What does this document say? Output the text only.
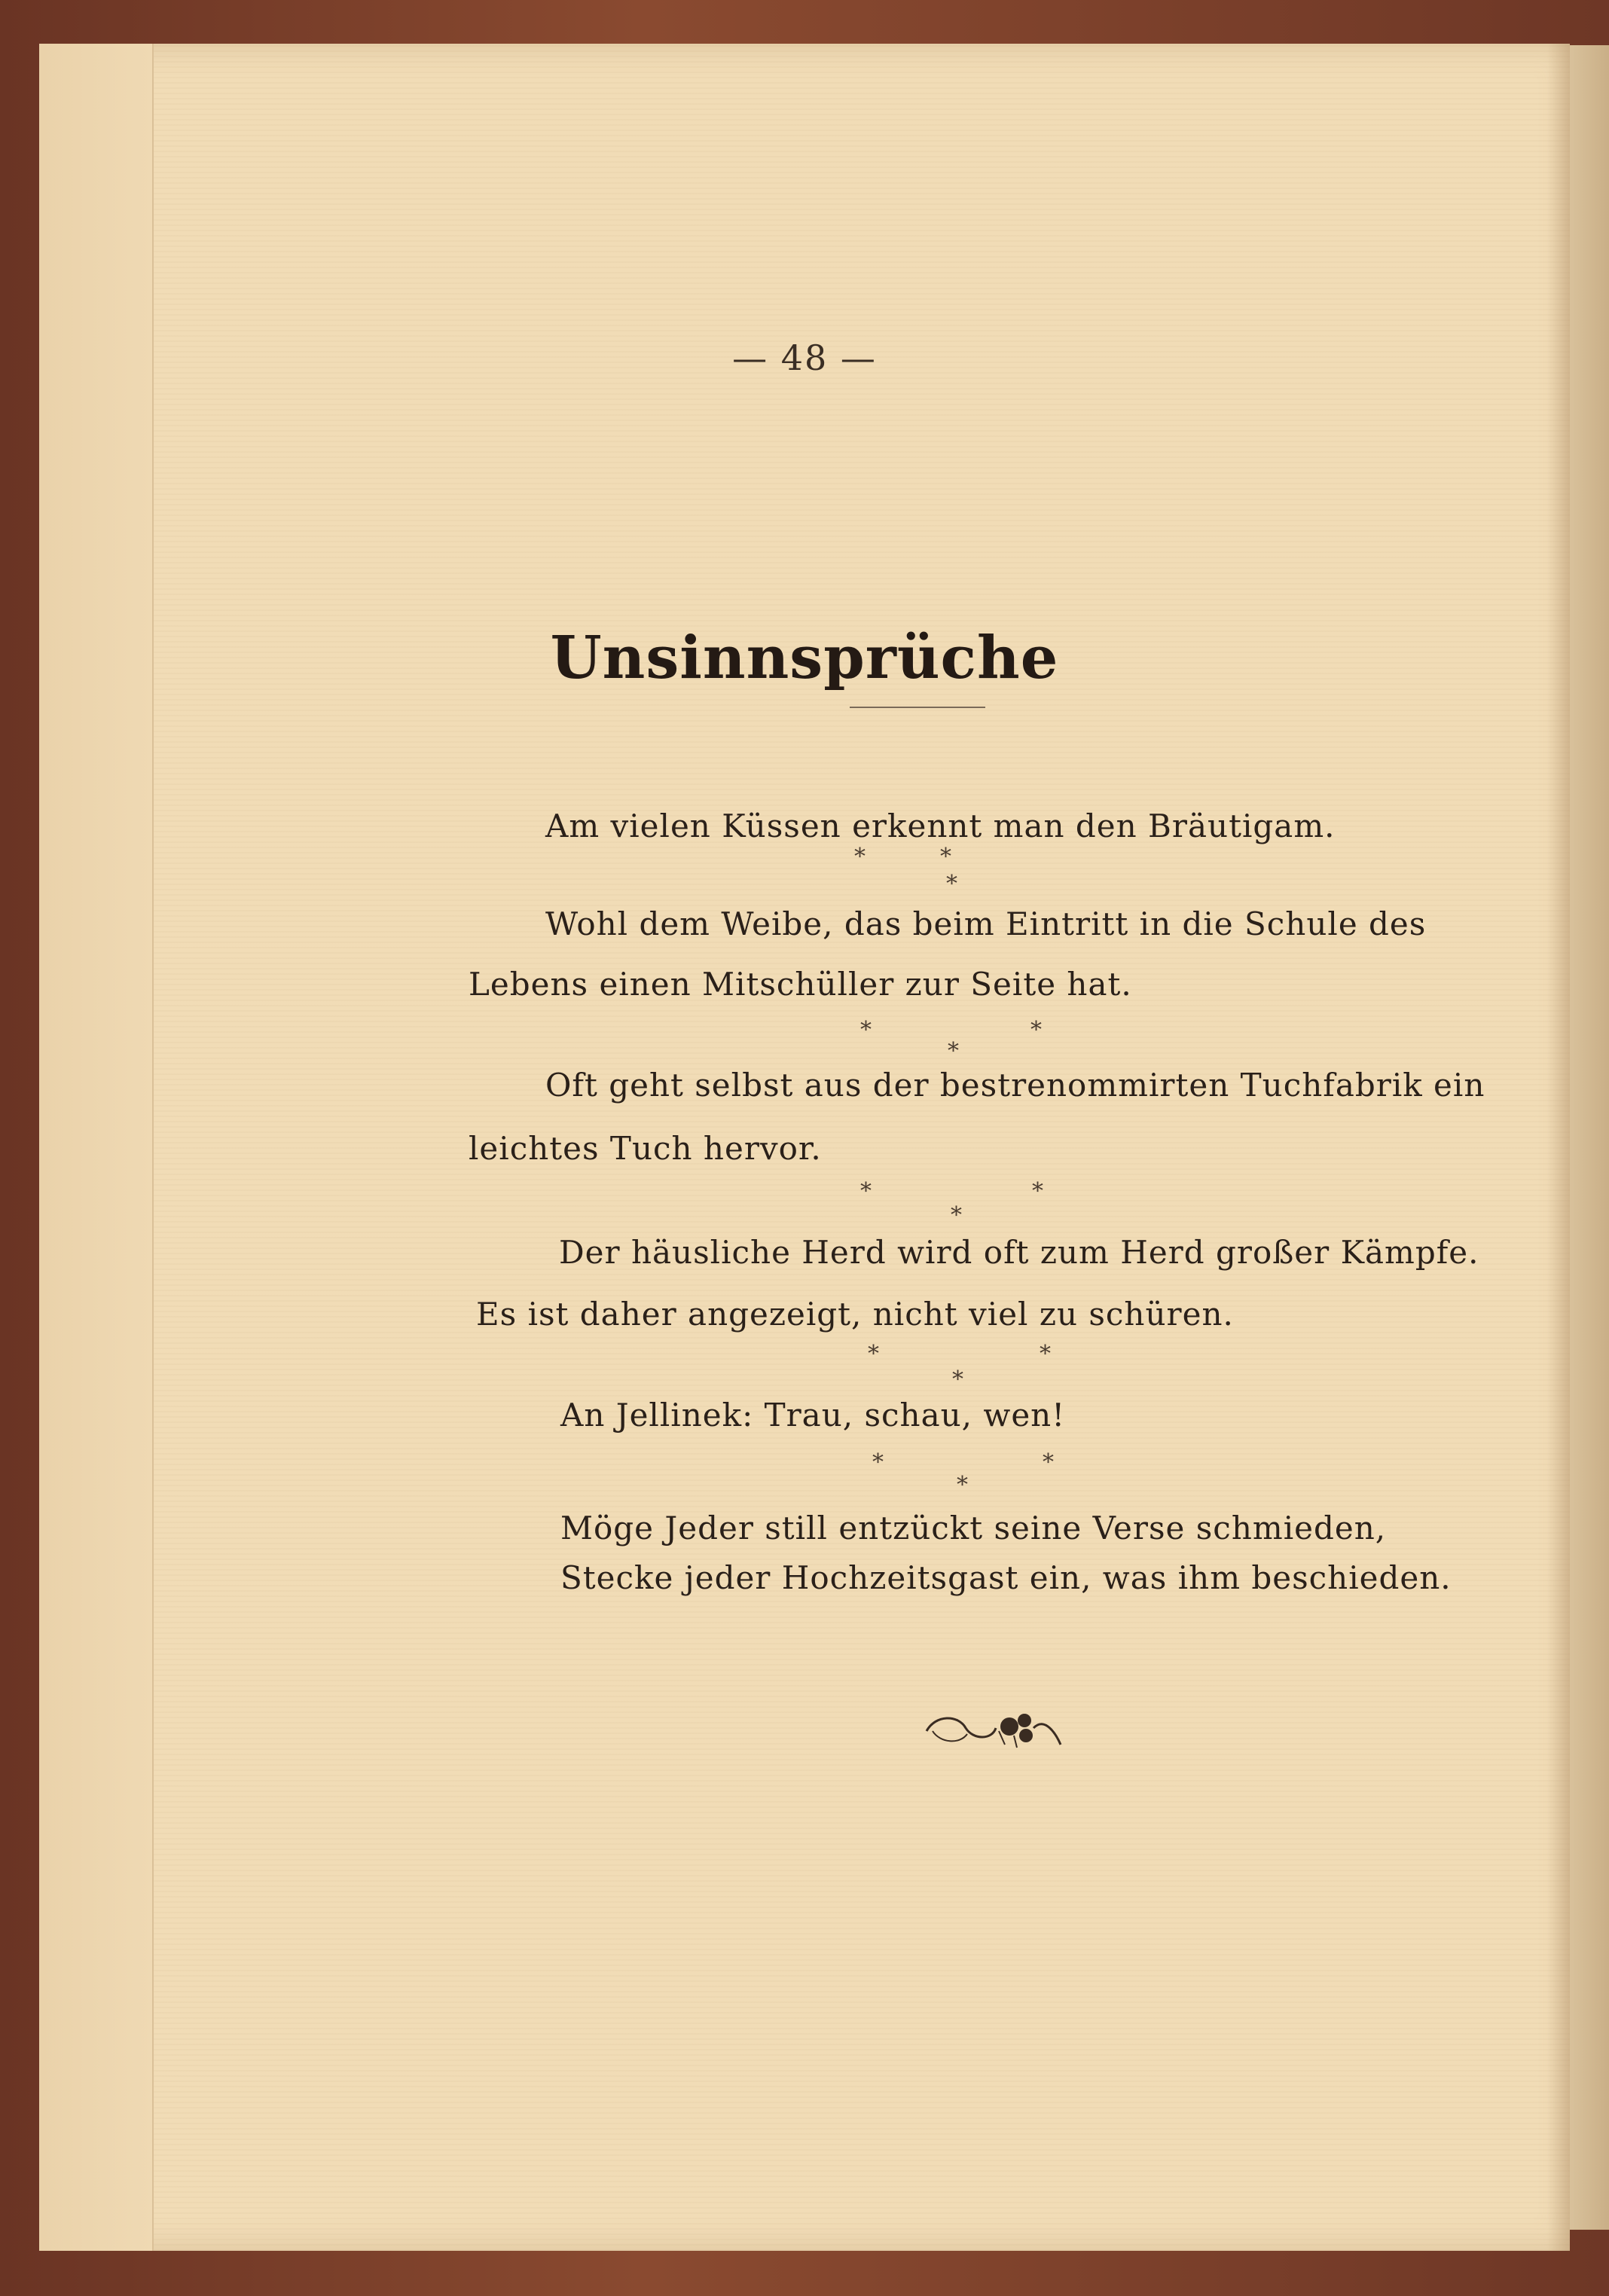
— 48 —
Unsinnsprüche
Am vielen Küssen erkennt man den Bräutigam.
*	*
*
Wohl dem Weibe, das beim Eintritt in die Schule des
Lebens einen Mitschüller zur Seite hat.
*	*
*
Oft geht selbst aus der bestrenommirten Tuchfabrik ein
leichtes Tuch hervor.
*	*
*
Der häusliche Herd wird oft zum Herd großer Kämpfe.
Es ist daher angezeigt, nicht viel zu schüren.
*	*
*
An Jellinek: Trau, schau, wen!
*	*
*
Möge Jeder still entzückt seine Verse schmieden,
Stecke jeder Hochzeitsgast ein, was ihm beschieden.
